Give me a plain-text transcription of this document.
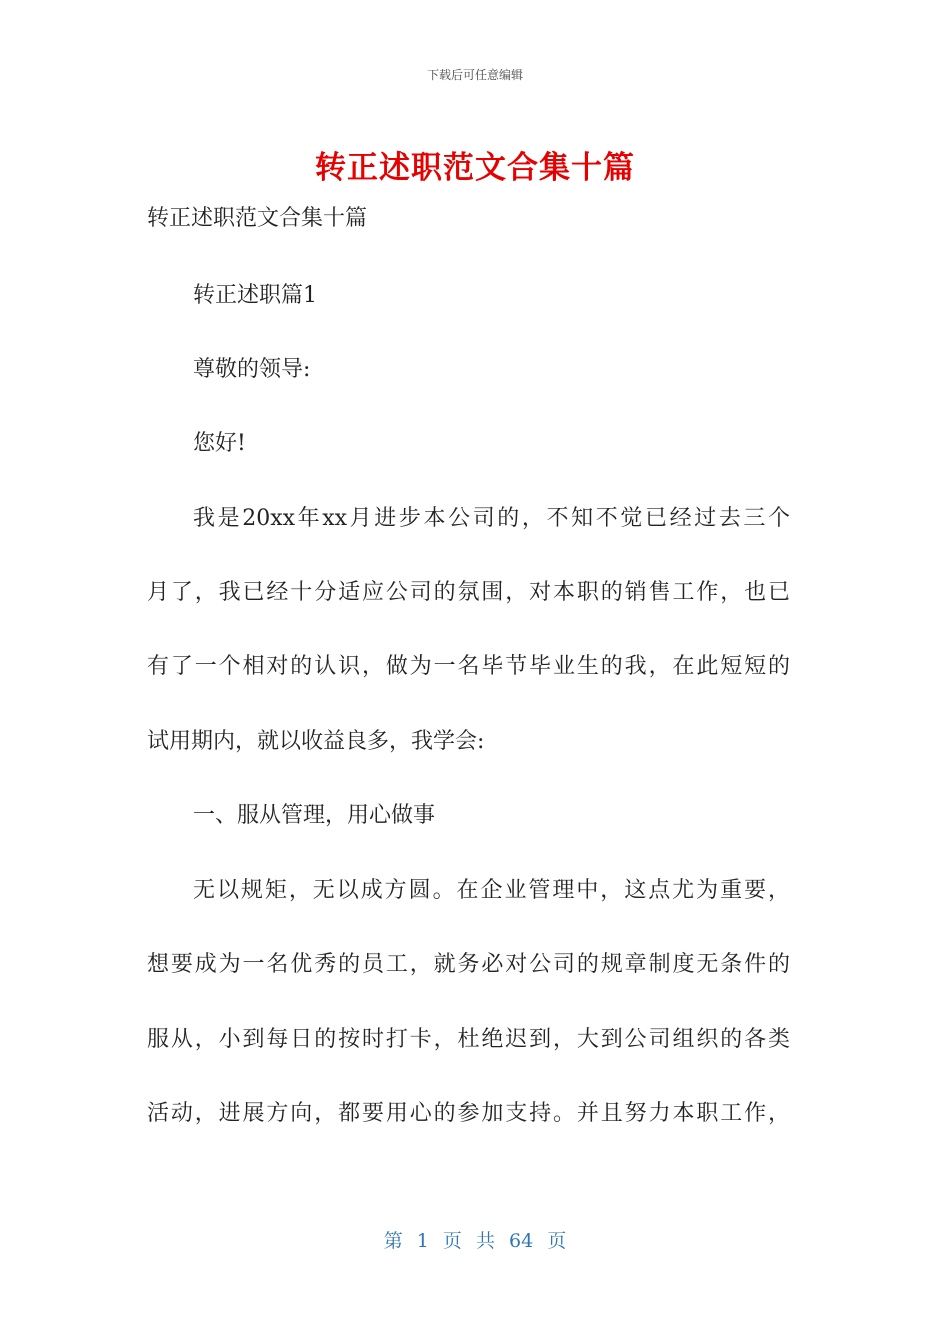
下载后可任意编辑
转正述职范文合集十篇
转正述职范文合集十篇
转正述职篇1
尊敬的领导:
您好!
我是20xx年xx月进步本公司的，不知不觉已经过去三个
月了，我已经十分适应公司的氛围，对本职的销售工作，也已
有了一个相对的认识，做为一名毕节毕业生的我，在此短短的
试用期内，就以收益良多，我学会:
一、服从管理，用心做事
无以规矩，无以成方圆。在企业管理中，这点尤为重要，
想要成为一名优秀的员工，就务必对公司的规章制度无条件的
服从，小到每日的按时打卡，杜绝迟到，大到公司组织的各类
活动，进展方向，都要用心的参加支持。并且努力本职工作，
第 1 页 共 64 页
